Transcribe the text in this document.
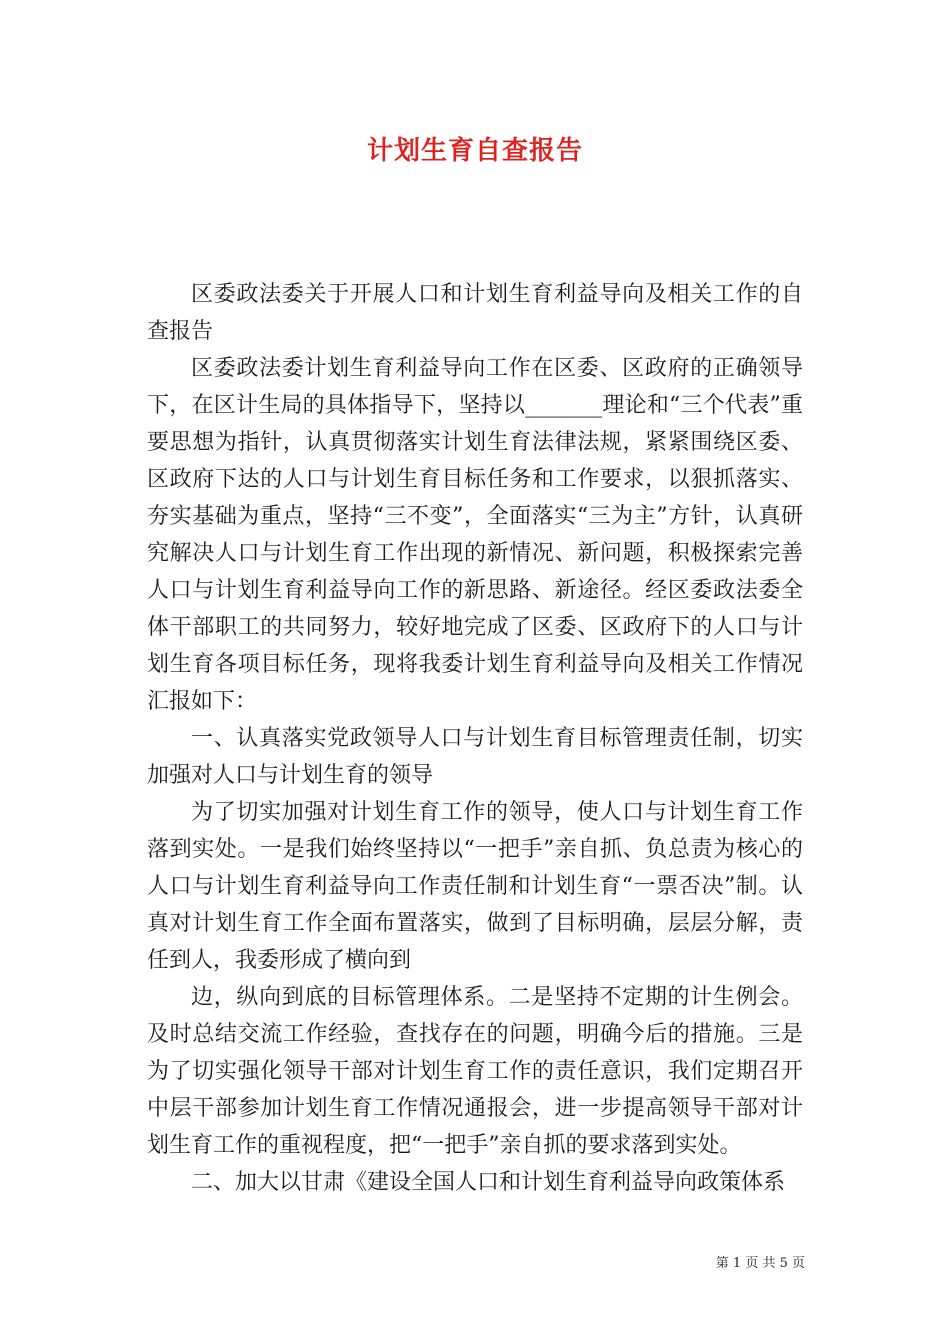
计划生育自查报告

区委政法委关于开展人口和计划生育利益导向及相关工作的自查报告

区委政法委计划生育利益导向工作在区委、区政府的正确领导下，在区计生局的具体指导下，坚持以_______理论和“三个代表”重要思想为指针，认真贯彻落实计划生育法律法规，紧紧围绕区委、区政府下达的人口与计划生育目标任务和工作要求，以狠抓落实、夯实基础为重点，坚持“三不变”，全面落实“三为主”方针，认真研究解决人口与计划生育工作出现的新情况、新问题，积极探索完善人口与计划生育利益导向工作的新思路、新途径。经区委政法委全体干部职工的共同努力，较好地完成了区委、区政府下的人口与计划生育各项目标任务，现将我委计划生育利益导向及相关工作情况汇报如下：

一、认真落实党政领导人口与计划生育目标管理责任制，切实加强对人口与计划生育的领导

为了切实加强对计划生育工作的领导，使人口与计划生育工作落到实处。一是我们始终坚持以“一把手”亲自抓、负总责为核心的人口与计划生育利益导向工作责任制和计划生育“一票否决”制。认真对计划生育工作全面布置落实，做到了目标明确，层层分解，责任到人，我委形成了横向到

边，纵向到底的目标管理体系。二是坚持不定期的计生例会。及时总结交流工作经验，查找存在的问题，明确今后的措施。三是为了切实强化领导干部对计划生育工作的责任意识，我们定期召开中层干部参加计划生育工作情况通报会，进一步提高领导干部对计划生育工作的重视程度，把“一把手”亲自抓的要求落到实处。

二、加大以甘肃《建设全国人口和计划生育利益导向政策体系

第 1 页 共 5 页
